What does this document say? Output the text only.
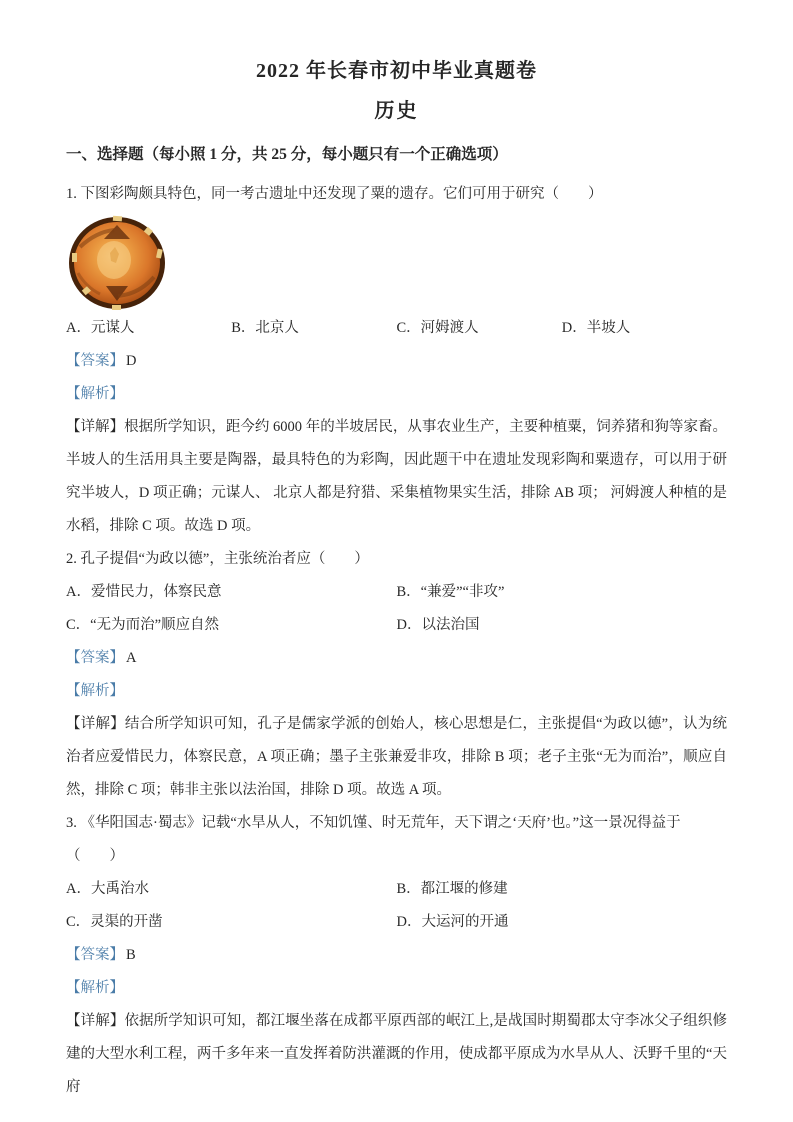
2022 年长春市初中毕业真题卷
历史
一、选择题（每小照 1 分，共 25 分，每小题只有一个正确选项）
1. 下图彩陶颇具特色，同一考古遗址中还发现了粟的遗存。它们可用于研究（　　）
A．元谋人	B．北京人	C．河姆渡人	D．半坡人
【答案】 D
【解析】
【详解】根据所学知识，距今约 6000 年的半坡居民，从事农业生产，主要种植粟，饲养猪和狗等家畜。半坡人的生活用具主要是陶器，最具特色的为彩陶，因此题干中在遗址发现彩陶和粟遗存，可以用于研究半坡人，D 项正确；元谋人、 北京人都是狩猎、采集植物果实生活，排除 AB 项； 河姆渡人种植的是水稻，排除 C 项。故选 D 项。
2. 孔子提倡“为政以德”，主张统治者应（　　）
A．爱惜民力，体察民意	B．“兼爱”“非攻”
C．“无为而治”顺应自然	D．以法治国
【答案】 A
【解析】
【详解】结合所学知识可知，孔子是儒家学派的创始人，核心思想是仁，主张提倡“为政以德”，认为统治者应爱惜民力，体察民意，A 项正确；墨子主张兼爱非攻，排除 B 项；老子主张“无为而治”，顺应自然，排除 C 项；韩非主张以法治国，排除 D 项。故选 A 项。
3. 《华阳国志·蜀志》记载“水旱从人，不知饥馑、时无荒年，天下谓之‘天府’也。”这一景况得益于
（　　）
A．大禹治水	B．都江堰的修建
C．灵渠的开凿	D．大运河的开通
【答案】 B
【解析】
【详解】依据所学知识可知，都江堰坐落在成都平原西部的岷江上,是战国时期蜀郡太守李冰父子组织修建的大型水利工程，两千多年来一直发挥着防洪灌溉的作用，使成都平原成为水旱从人、沃野千里的“天府
